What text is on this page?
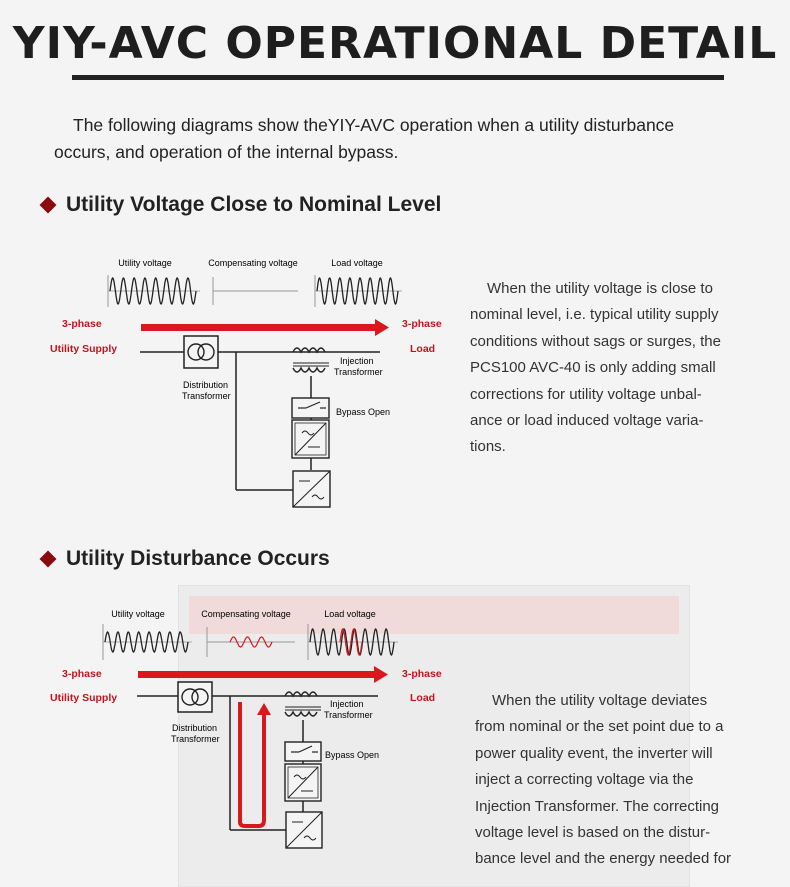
YIY-AVC OPERATIONAL DETAIL

The following diagrams show theYIY-AVC operation when a utility disturbance
occurs, and operation of the internal bypass.

Utility Voltage Close to Nominal Level
Utility voltage	Compensating voltage	Load voltage
3-phase
Utility Supply
3-phase
Load
Distribution
Transformer
Injection
Transformer
Bypass Open

When the utility voltage is close to
nominal level, i.e. typical utility supply
conditions without sags or surges, the
PCS100 AVC-40 is only adding small
corrections for utility voltage unbal-
ance or load induced voltage varia-
tions.

Utility Disturbance Occurs
Utility voltage	Compensating voltage	Load voltage
3-phase
Utility Supply
3-phase
Load
Distribution
Transformer
Injection
Transformer
Bypass Open

When the utility voltage deviates
from nominal or the set point due to a
power quality event, the inverter will
inject a correcting voltage via the
Injection Transformer. The correcting
voltage level is based on the distur-
bance level and the energy needed for
